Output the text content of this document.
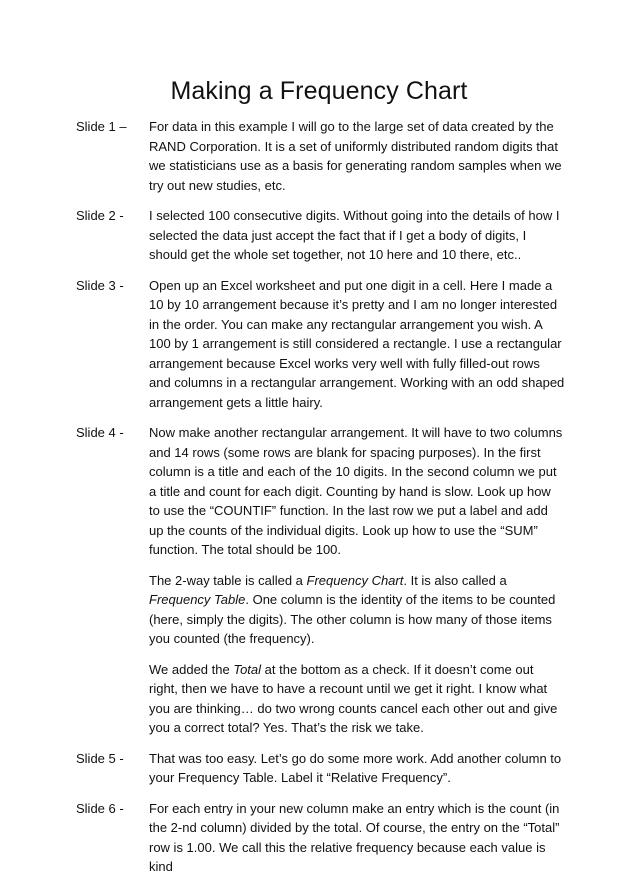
Making a Frequency Chart
Slide 1 –	For data in this example I will go to the large set of data created by the RAND Corporation. It is a set of uniformly distributed random digits that we statisticians use as a basis for generating random samples when we try out new studies, etc.

Slide 2 -	I selected 100 consecutive digits. Without going into the details of how I selected the data just accept the fact that if I get a body of digits, I should get the whole set together, not 10 here and 10 there, etc..

Slide 3 -	Open up an Excel worksheet and put one digit in a cell. Here I made a 10 by 10 arrangement because it’s pretty and I am no longer interested in the order. You can make any rectangular arrangement you wish. A 100 by 1 arrangement is still considered a rectangle. I use a rectangular arrangement because Excel works very well with fully filled-out rows and columns in a rectangular arrangement. Working with an odd shaped arrangement gets a little hairy.

Slide 4 -	Now make another rectangular arrangement. It will have to two columns and 14 rows (some rows are blank for spacing purposes). In the first column is a title and each of the 10 digits. In the second column we put a title and count for each digit. Counting by hand is slow. Look up how to use the “COUNTIF” function. In the last row we put a label and add up the counts of the individual digits. Look up how to use the “SUM” function. The total should be 100.

The 2-way table is called a Frequency Chart. It is also called a Frequency Table. One column is the identity of the items to be counted (here, simply the digits). The other column is how many of those items you counted (the frequency).

We added the Total at the bottom as a check. If it doesn’t come out right, then we have to have a recount until we get it right. I know what you are thinking… do two wrong counts cancel each other out and give you a correct total? Yes. That’s the risk we take.

Slide 5 -	That was too easy. Let’s go do some more work. Add another column to your Frequency Table. Label it “Relative Frequency”.

Slide 6 -	For each entry in your new column make an entry which is the count (in the 2-nd column) divided by the total. Of course, the entry on the “Total” row is 1.00. We call this the relative frequency because each value is kind
